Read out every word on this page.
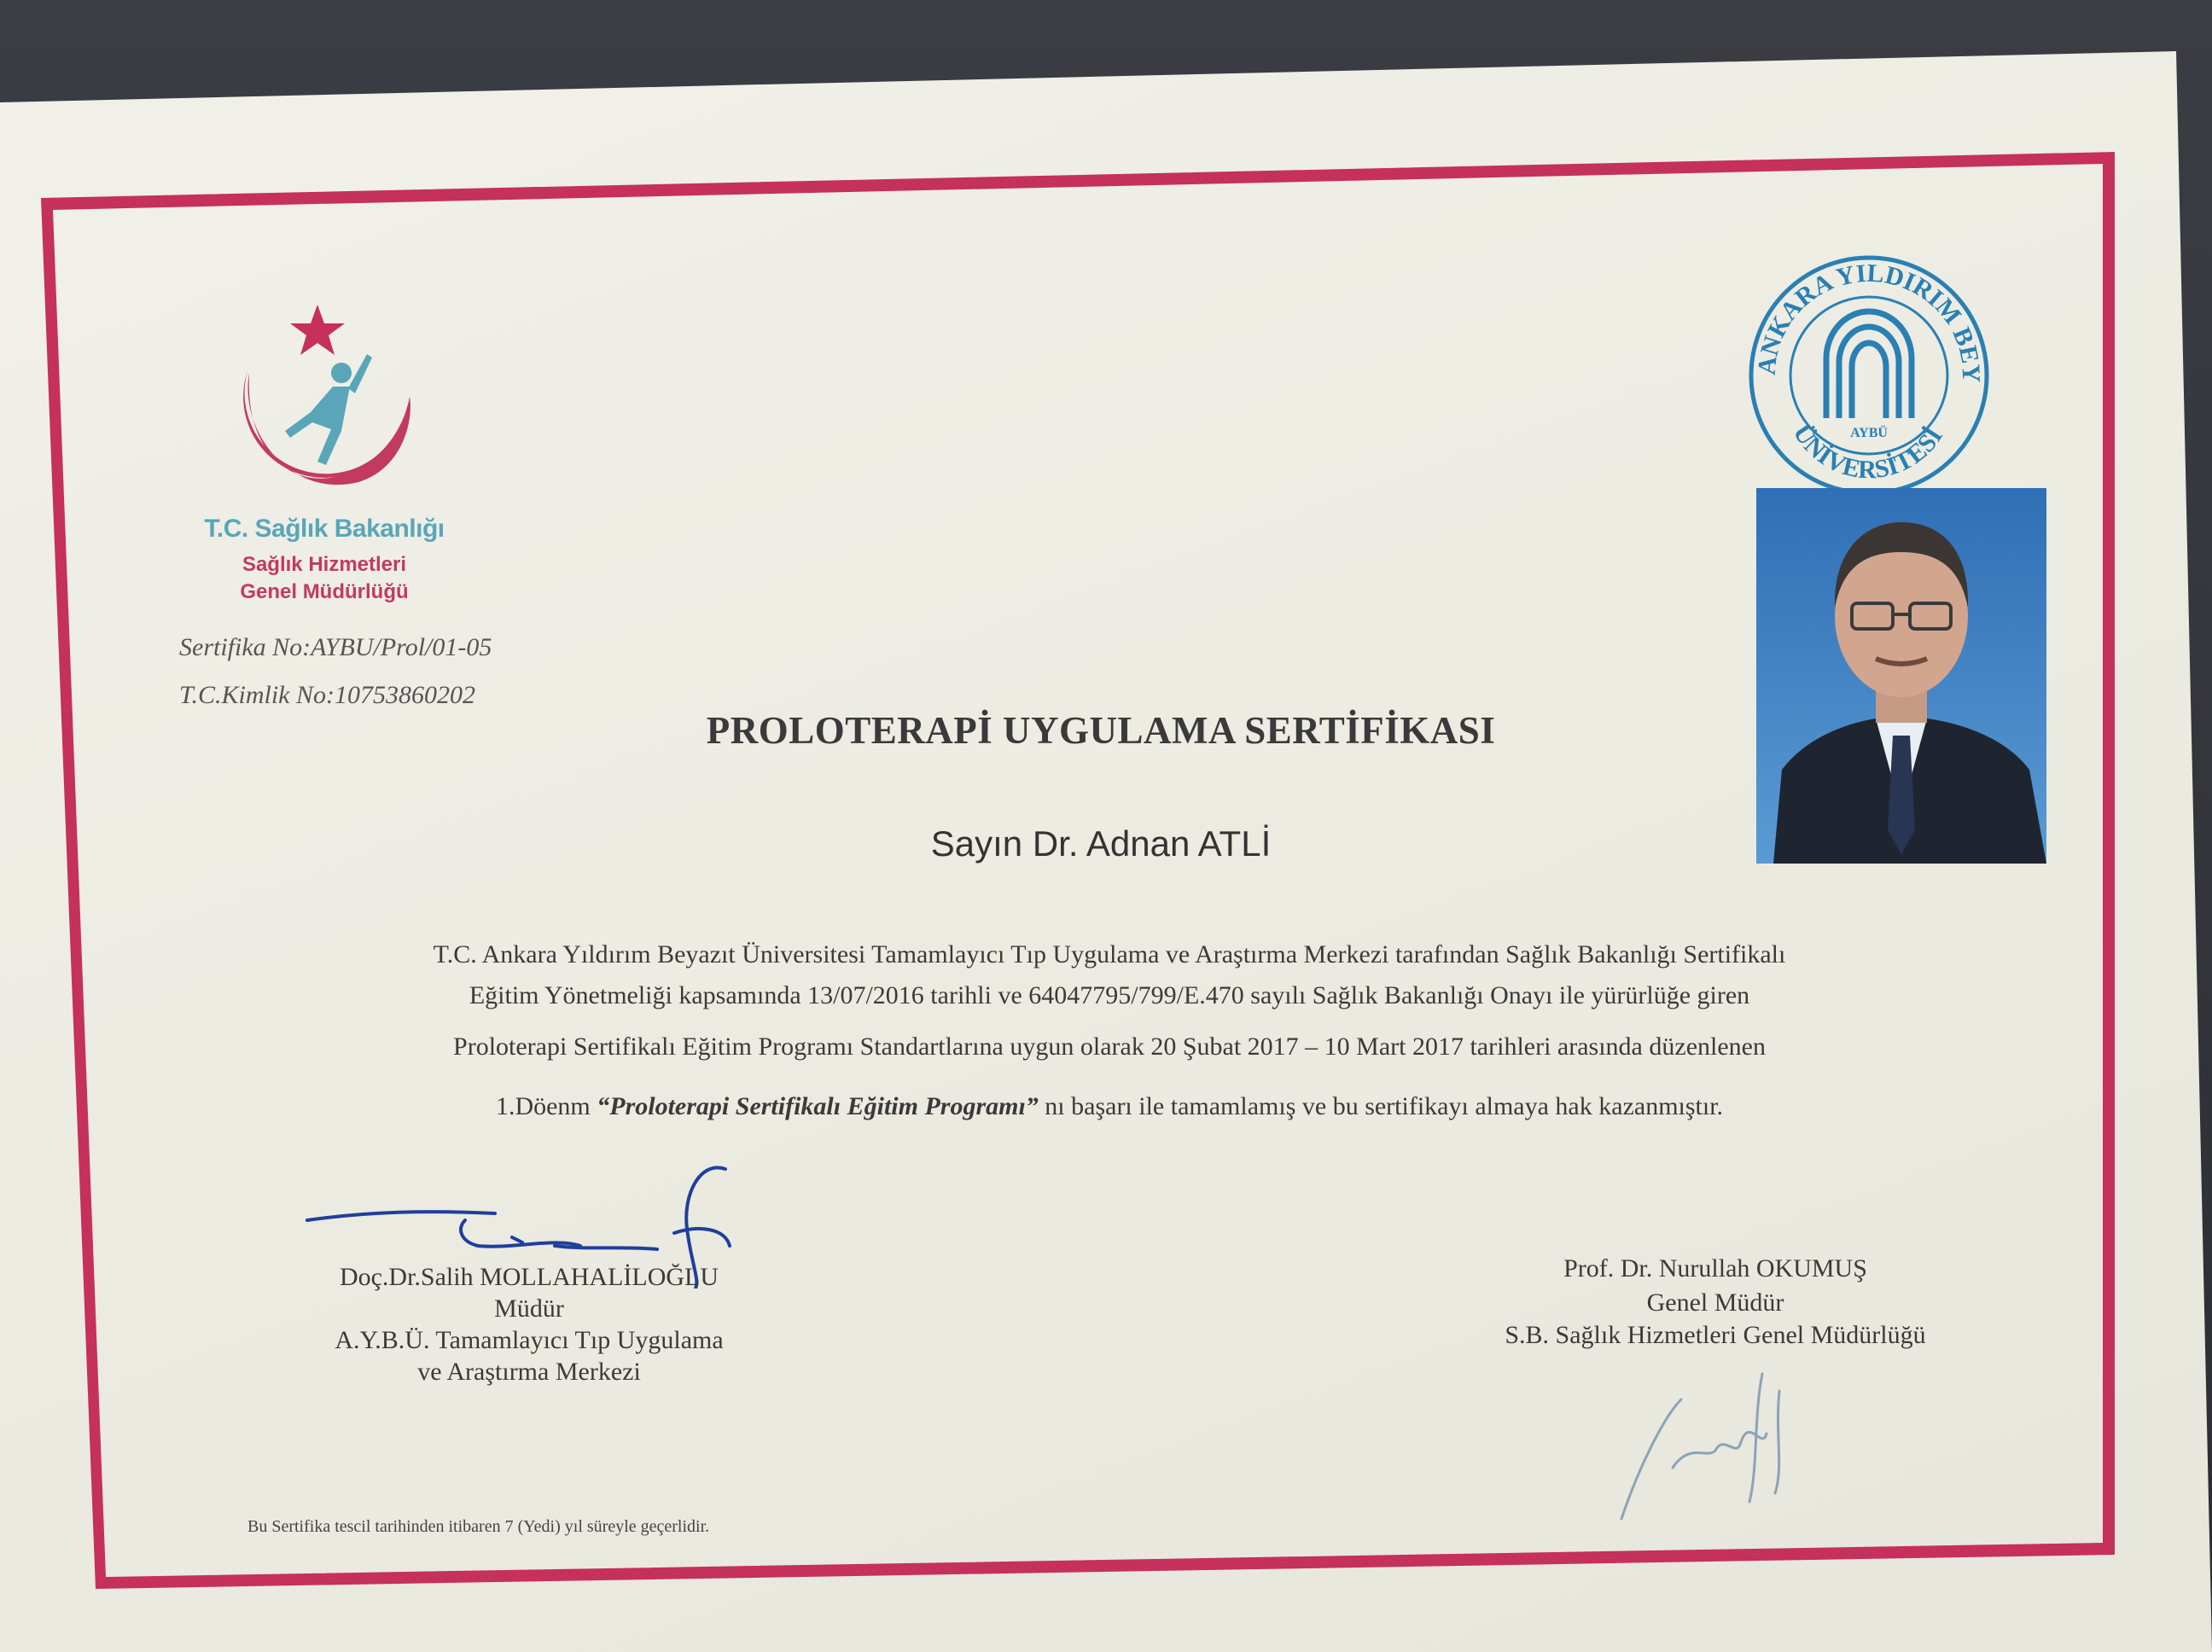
T.C. Sağlık Bakanlığı
Sağlık Hizmetleri
Genel Müdürlüğü
Sertifika No:AYBU/Prol/01-05
T.C.Kimlik No:10753860202
ANKARA YILDIRIM BEY
ÜNİVERSİTESİ
AYBÜ
PROLOTERAPİ UYGULAMA SERTİFİKASI
Sayın Dr. Adnan ATLİ
T.C. Ankara Yıldırım Beyazıt Üniversitesi Tamamlayıcı Tıp Uygulama ve Araştırma Merkezi tarafından Sağlık Bakanlığı Sertifikalı
Eğitim Yönetmeliği kapsamında 13/07/2016 tarihli ve 64047795/799/E.470 sayılı Sağlık Bakanlığı Onayı ile yürürlüğe giren
Proloterapi Sertifikalı Eğitim Programı Standartlarına uygun olarak 20 Şubat 2017 – 10 Mart 2017 tarihleri arasında düzenlenen
1.Döenm “Proloterapi Sertifikalı Eğitim Programı” nı başarı ile tamamlamış ve bu sertifikayı almaya hak kazanmıştır.
Doç.Dr.Salih MOLLAHALİLOĞLU
Müdür
A.Y.B.Ü. Tamamlayıcı Tıp Uygulama
ve Araştırma Merkezi
Prof. Dr. Nurullah OKUMUŞ
Genel Müdür
S.B. Sağlık Hizmetleri Genel Müdürlüğü
Bu Sertifika tescil tarihinden itibaren 7 (Yedi) yıl süreyle geçerlidir.
